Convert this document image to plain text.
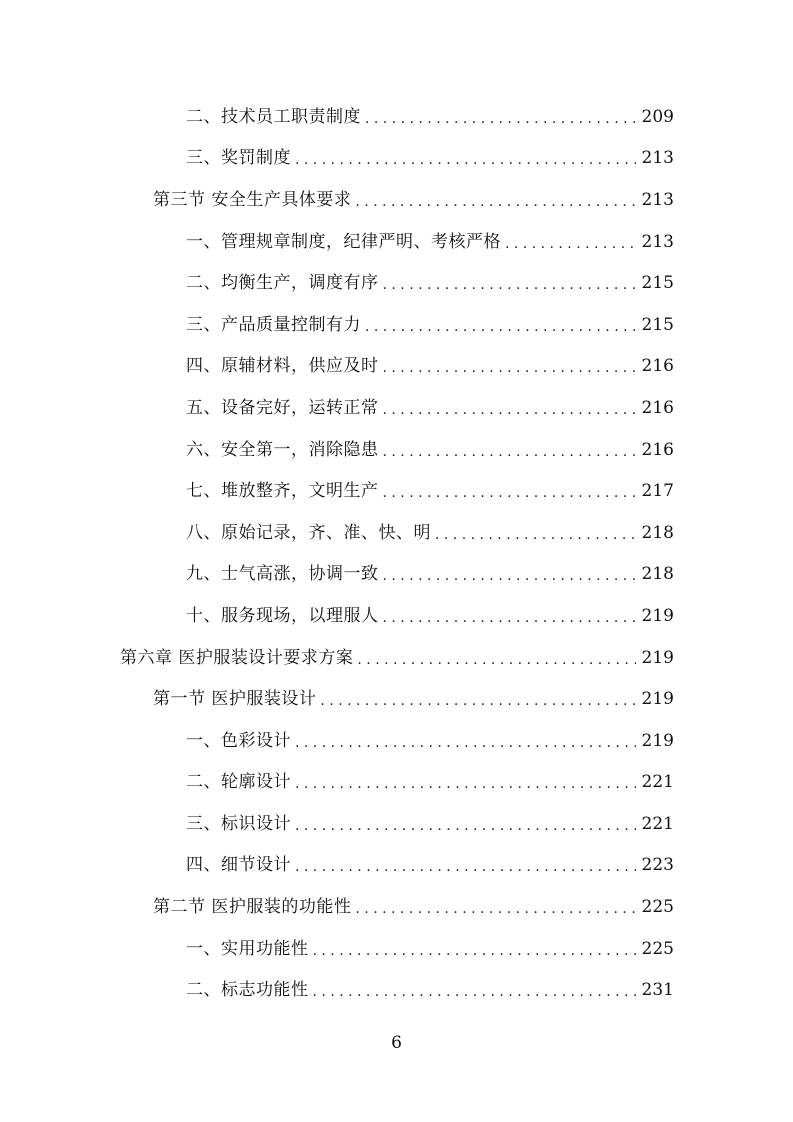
二、技术员工职责制度 . . .	209
三、奖罚制度 . . .	213
第三节 安全生产具体要求 . . .	213
一、管理规章制度，纪律严明、考核严格 . . .	213
二、均衡生产，调度有序 . . .	215
三、产品质量控制有力 . . .	215
四、原辅材料，供应及时 . . .	216
五、设备完好，运转正常 . . .	216
六、安全第一，消除隐患 . . .	216
七、堆放整齐，文明生产 . . .	217
八、原始记录，齐、准、快、明 . . .	218
九、士气高涨，协调一致 . . .	218
十、服务现场，以理服人 . . .	219
第六章 医护服装设计要求方案 . . .	219
第一节 医护服装设计 . . .	219
一、色彩设计 . . .	219
二、轮廓设计 . . .	221
三、标识设计 . . .	221
四、细节设计 . . .	223
第二节 医护服装的功能性 . . .	225
一、实用功能性 . . .	225
二、标志功能性 . . .	231
6
